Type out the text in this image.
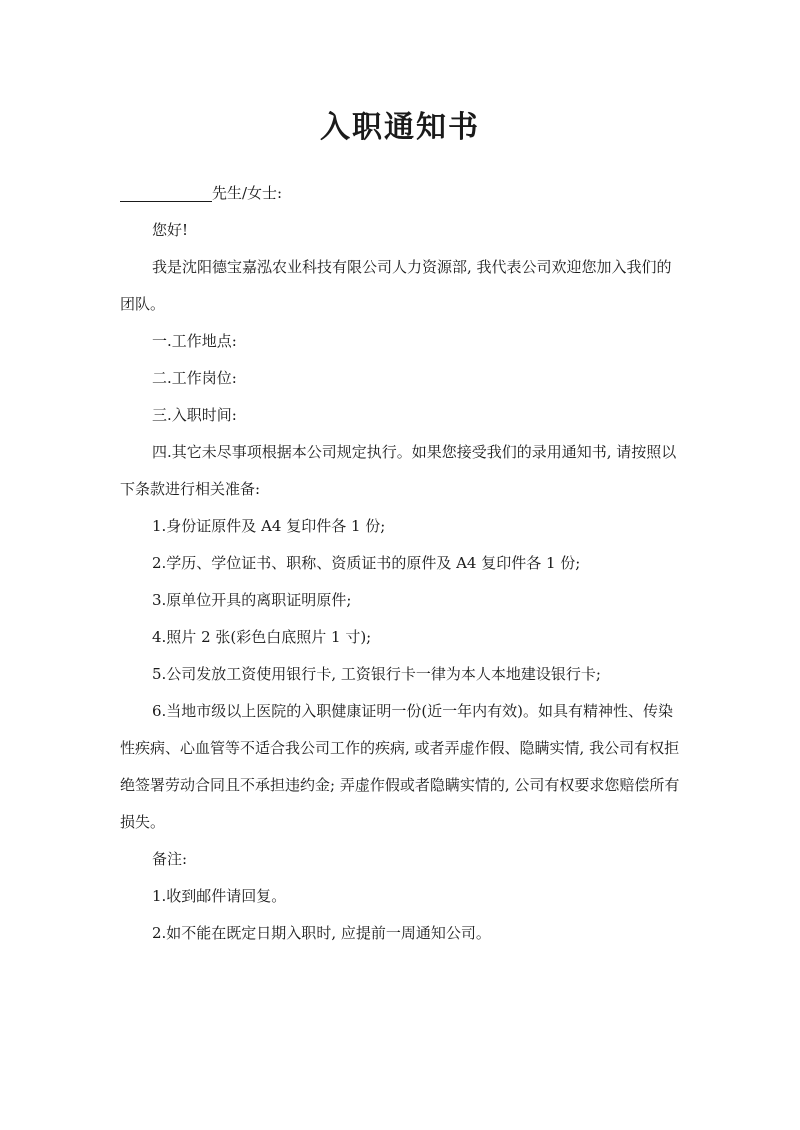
入职通知书

先生/女士:

您好!

我是沈阳德宝嘉泓农业科技有限公司人力资源部, 我代表公司欢迎您加入我们的团队。

一.工作地点:

二.工作岗位:

三.入职时间:

四.其它未尽事项根据本公司规定执行。如果您接受我们的录用通知书, 请按照以下条款进行相关准备:

1.身份证原件及 A4 复印件各 1 份;

2.学历、学位证书、职称、资质证书的原件及 A4 复印件各 1 份;

3.原单位开具的离职证明原件;

4.照片 2 张(彩色白底照片 1 寸);

5.公司发放工资使用银行卡, 工资银行卡一律为本人本地建设银行卡;

6.当地市级以上医院的入职健康证明一份(近一年内有效)。如具有精神性、传染性疾病、心血管等不适合我公司工作的疾病, 或者弄虚作假、隐瞒实情, 我公司有权拒绝签署劳动合同且不承担违约金; 弄虚作假或者隐瞒实情的, 公司有权要求您赔偿所有损失。

备注:

1.收到邮件请回复。

2.如不能在既定日期入职时, 应提前一周通知公司。
